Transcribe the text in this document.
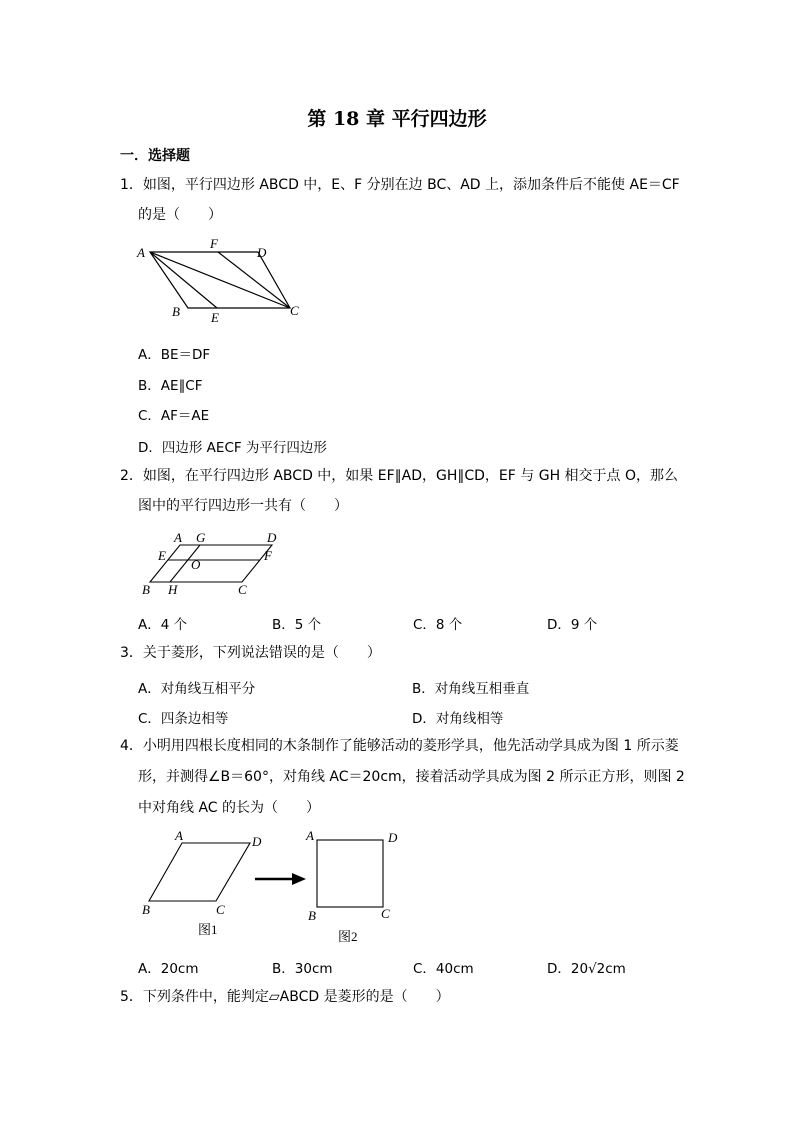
第 18 章 平行四边形
一．选择题
1．如图，平行四边形 ABCD 中，E、F 分别在边 BC、AD 上，添加条件后不能使 AE＝CF
的是（　　）
A
F
D
B E	C
A．BE＝DF
B．AE∥CF
C．AF＝AE
D．四边形 AECF 为平行四边形
2．如图，在平行四边形 ABCD 中，如果 EF∥AD，GH∥CD，EF 与 GH 相交于点 O，那么
图中的平行四边形一共有（　　）
A G	D
E	F
O
B H	C
A．4 个	B．5 个	C．8 个	D．9 个
3．关于菱形，下列说法错误的是（　　）
A．对角线互相平分	B．对角线互相垂直
C．四条边相等	D．对角线相等
4．小明用四根长度相同的木条制作了能够活动的菱形学具，他先活动学具成为图 1 所示菱
形，并测得∠B＝60°，对角线 AC＝20cm，接着活动学具成为图 2 所示正方形，则图 2
中对角线 AC 的长为（　　）
A	D
B	C
图1
A	D
B	C
图2
A．20cm	B．30cm	C．40cm	D．20√2cm
5．下列条件中，能判定▱ABCD 是菱形的是（　　）
